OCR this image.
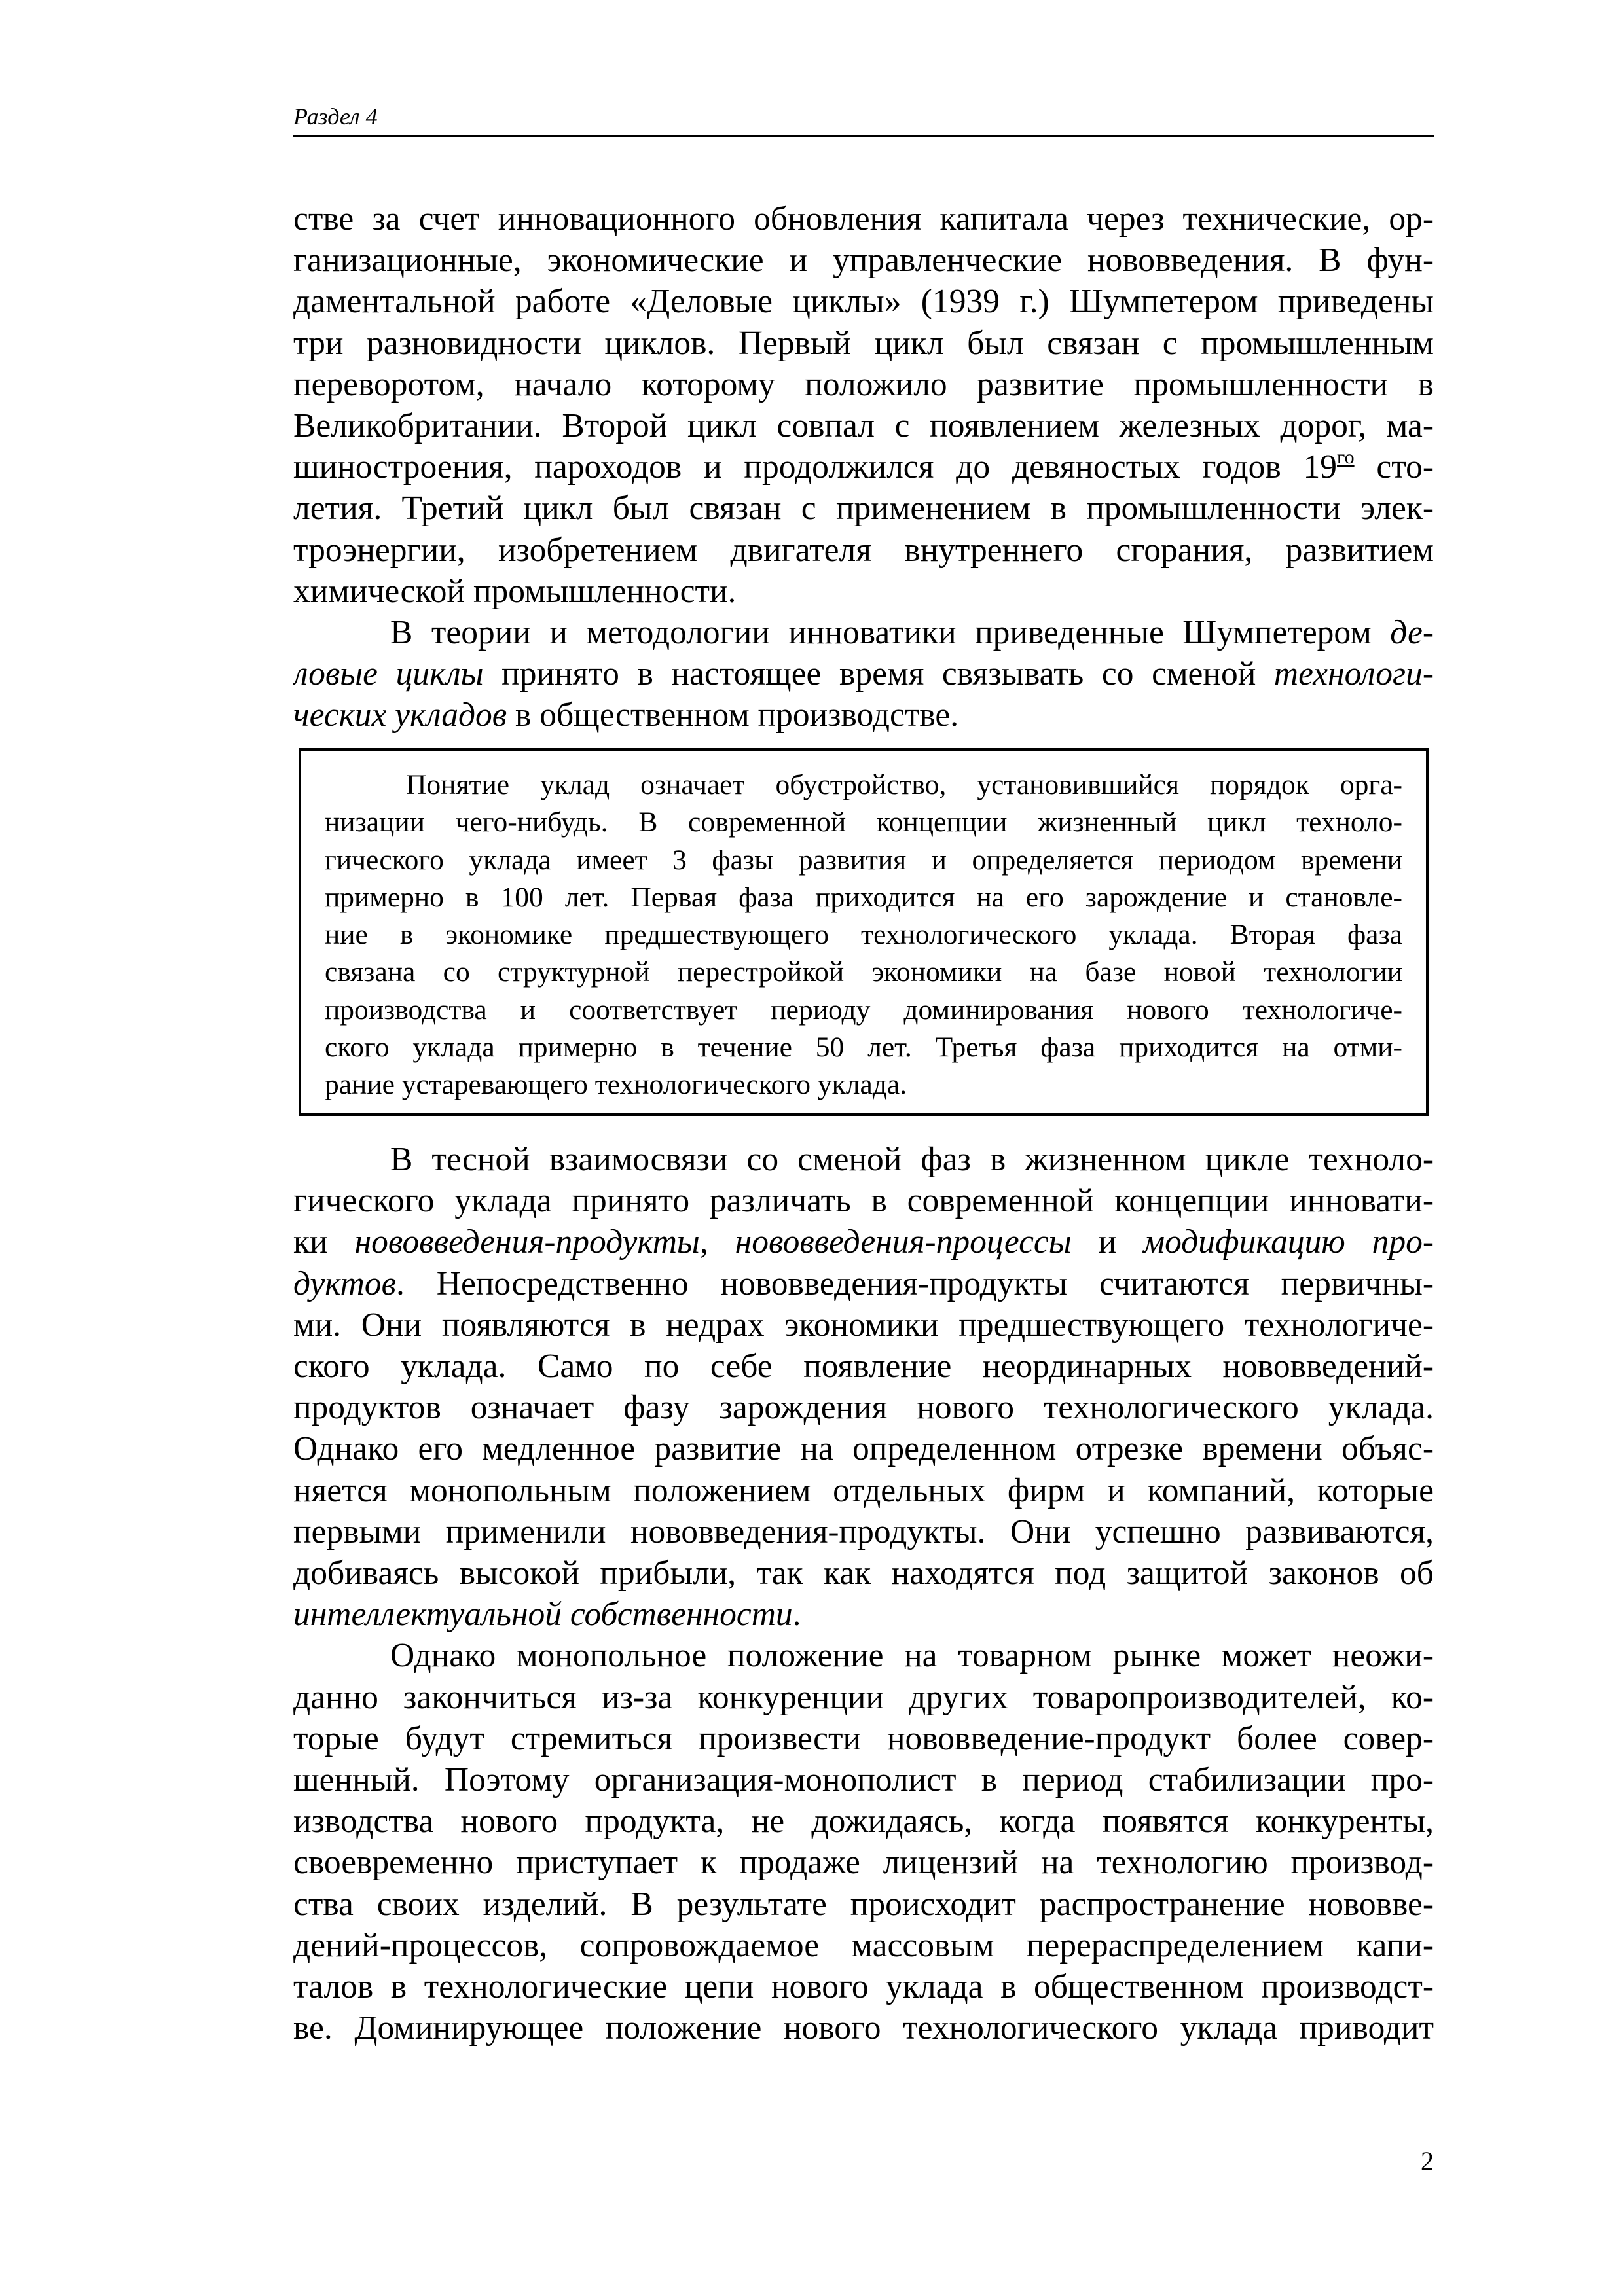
Раздел 4

стве за счет инновационного обновления капитала через технические, ор-
ганизационные, экономические и управленческие нововведения. В фун-
даментальной работе «Деловые циклы» (1939 г.) Шумпетером приведены
три разновидности циклов. Первый цикл был связан с промышленным
переворотом, начало которому положило развитие промышленности в
Великобритании. Второй цикл совпал с появлением железных дорог, ма-
шиностроения, пароходов и продолжился до девяностых годов $19^{го}$ сто-
летия. Третий цикл был связан с применением в промышленности элек-
троэнергии, изобретением двигателя внутреннего сгорания, развитием
химической промышленности.

В теории и методологии инноватики приведенные Шумпетером де-
ловые циклы принято в настоящее время связывать со сменой технологи-
ческих укладов в общественном производстве.

Понятие уклад означает обустройство, установившийся порядок орга-
низации чего-нибудь. В современной концепции жизненный цикл техноло-
гического уклада имеет 3 фазы развития и определяется периодом времени
примерно в 100 лет. Первая фаза приходится на его зарождение и становле-
ние в экономике предшествующего технологического уклада. Вторая фаза
связана со структурной перестройкой экономики на базе новой технологии
производства и соответствует периоду доминирования нового технологиче-
ского уклада примерно в течение 50 лет. Третья фаза приходится на отми-
рание устаревающего технологического уклада.

В тесной взаимосвязи со сменой фаз в жизненном цикле техноло-
гического уклада принято различать в современной концепции инновати-
ки нововведения-продукты, нововведения-процессы и модификацию про-
дуктов. Непосредственно нововведения-продукты считаются первичны-
ми. Они появляются в недрах экономики предшествующего технологиче-
ского уклада. Само по себе появление неординарных нововведений-
продуктов означает фазу зарождения нового технологического уклада.
Однако его медленное развитие на определенном отрезке времени объяс-
няется монопольным положением отдельных фирм и компаний, которые
первыми применили нововведения-продукты. Они успешно развиваются,
добиваясь высокой прибыли, так как находятся под защитой законов об
интеллектуальной собственности.

Однако монопольное положение на товарном рынке может неожи-
данно закончиться из-за конкуренции других товаропроизводителей, ко-
торые будут стремиться произвести нововведение-продукт более совер-
шенный. Поэтому организация-монополист в период стабилизации про-
изводства нового продукта, не дожидаясь, когда появятся конкуренты,
своевременно приступает к продаже лицензий на технологию производ-
ства своих изделий. В результате происходит распространение нововве-
дений-процессов, сопровождаемое массовым перераспределением капи-
талов в технологические цепи нового уклада в общественном производст-
ве. Доминирующее положение нового технологического уклада приводит

2
